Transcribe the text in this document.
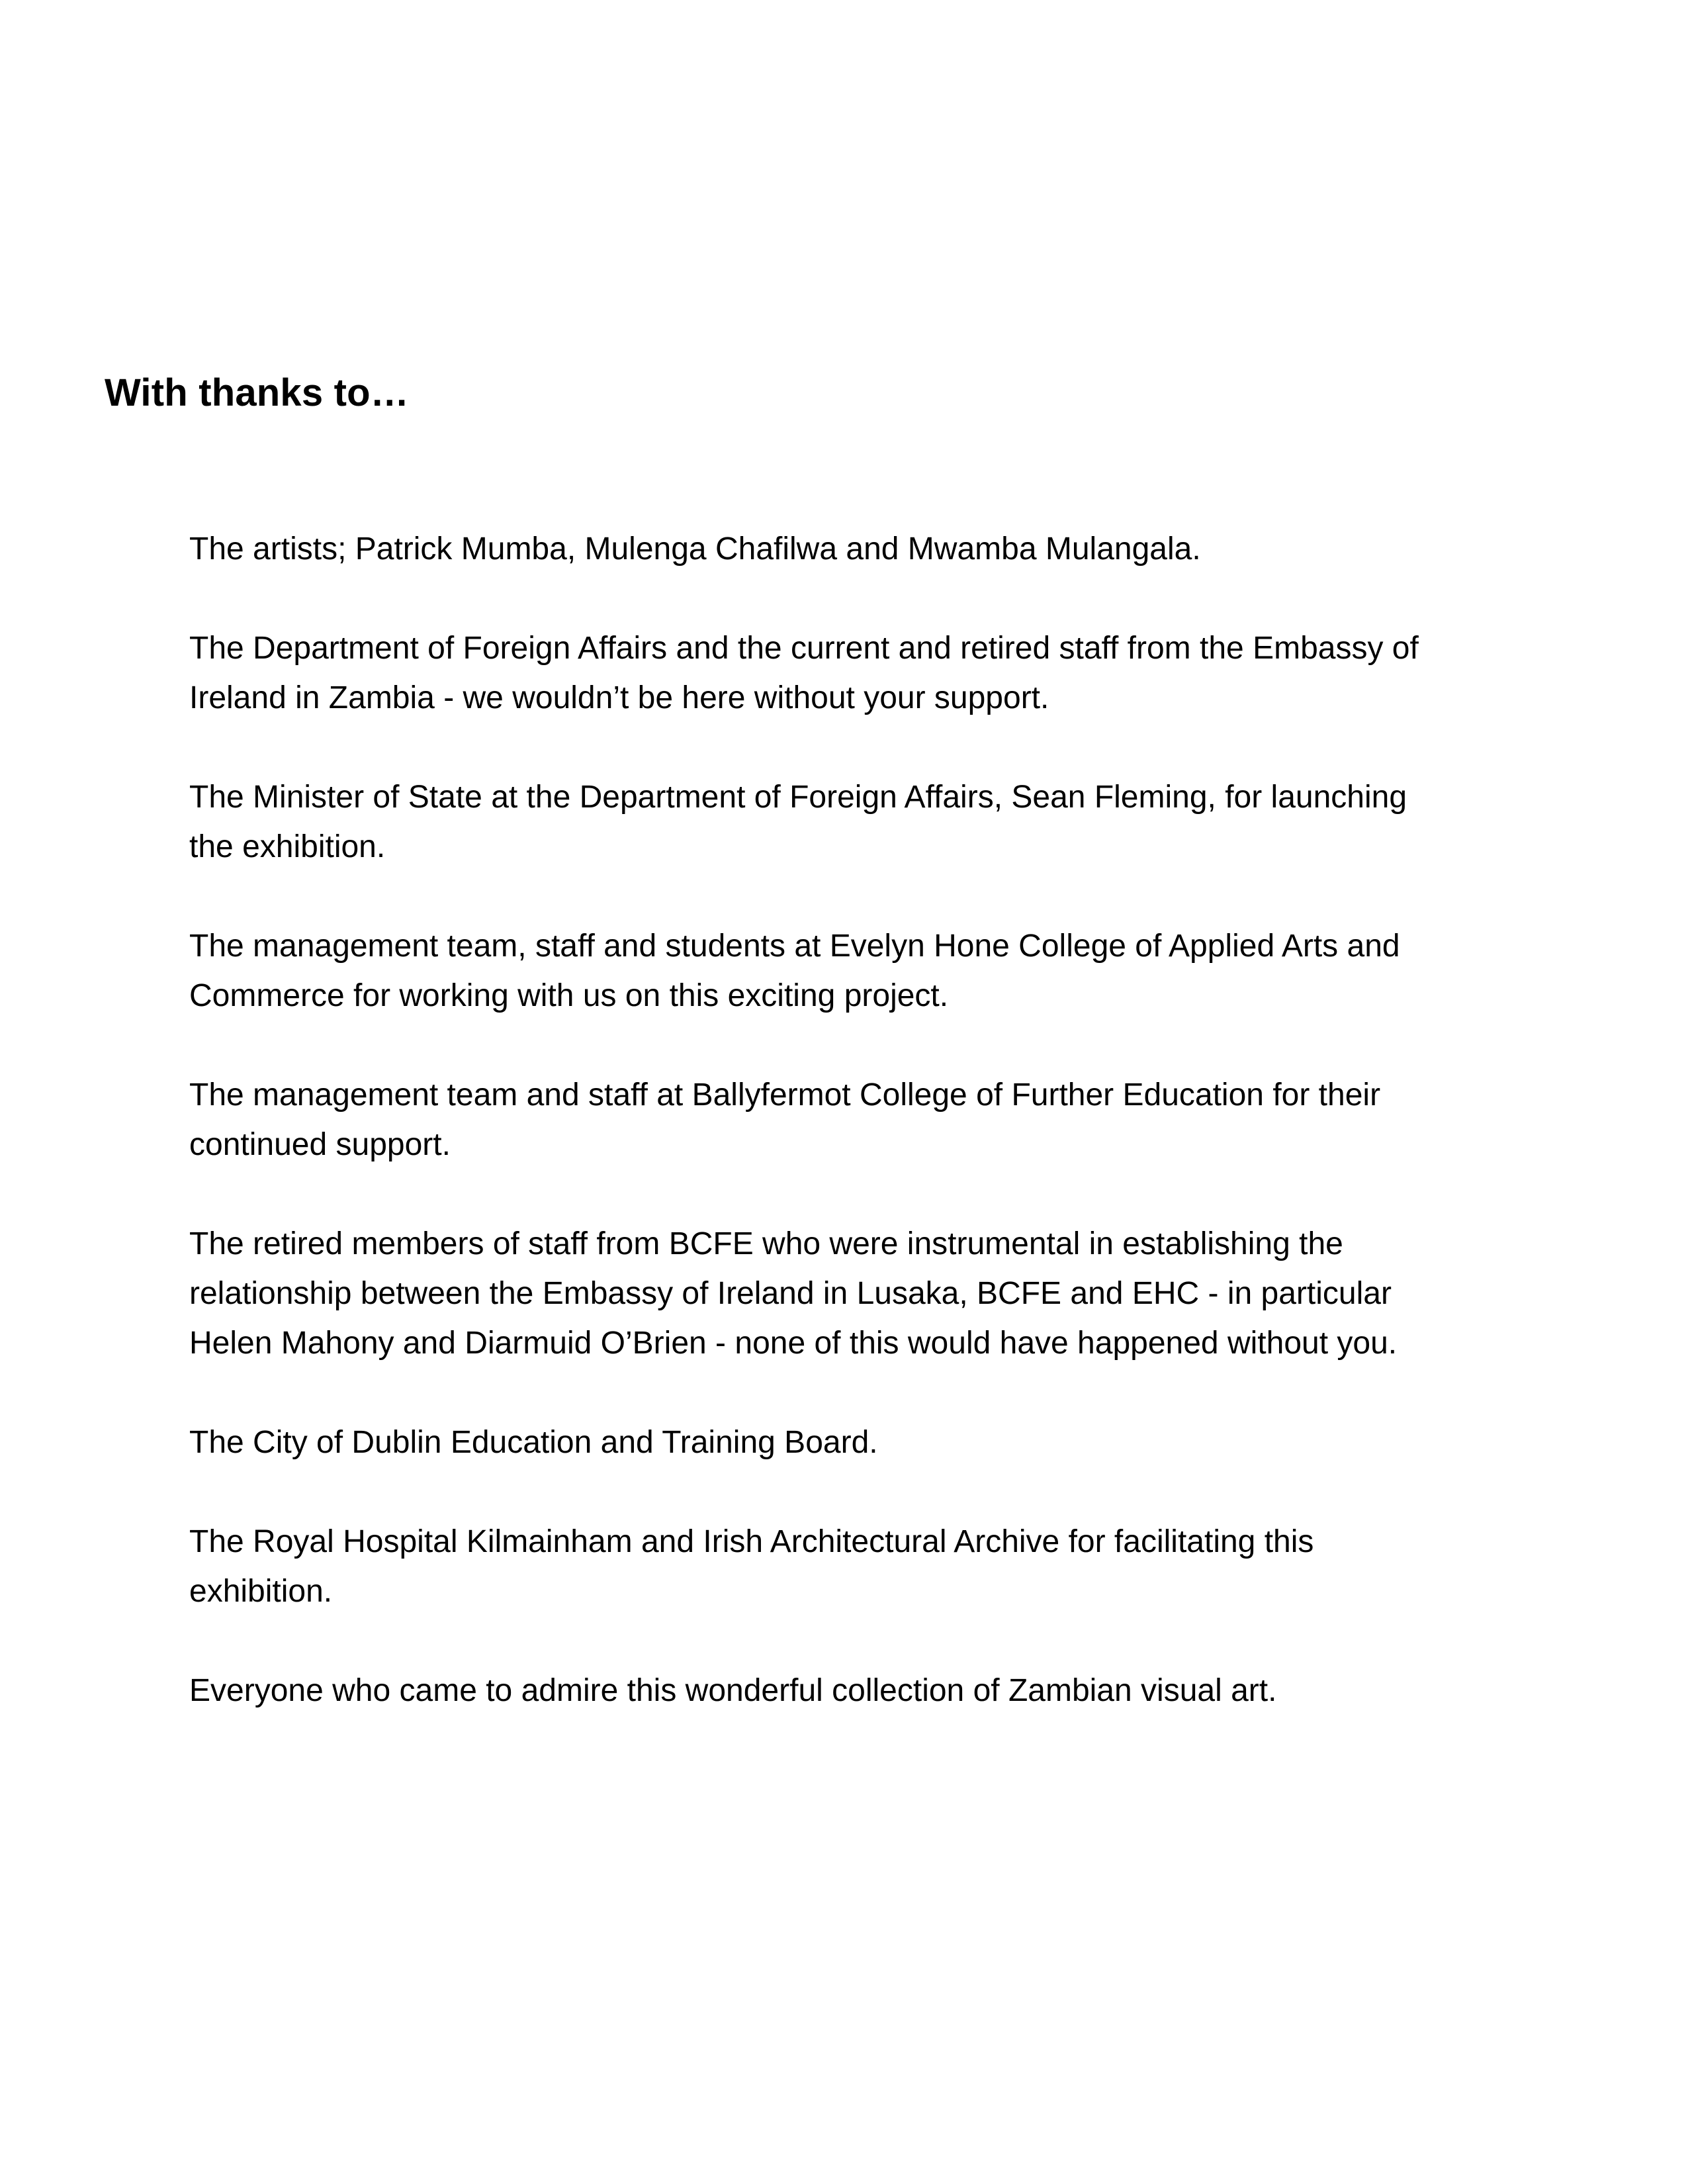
With thanks to…
The artists; Patrick Mumba, Mulenga Chafilwa and Mwamba Mulangala.
The Department of Foreign Affairs and the current and retired staff from the Embassy of
Ireland in Zambia - we wouldn’t be here without your support.
The Minister of State at the Department of Foreign Affairs, Sean Fleming, for launching
the exhibition.
The management team, staff and students at Evelyn Hone College of Applied Arts and
Commerce for working with us on this exciting project.
The management team and staff at Ballyfermot College of Further Education for their
continued support.
The retired members of staff from BCFE who were instrumental in establishing the
relationship between the Embassy of Ireland in Lusaka, BCFE and EHC - in particular
Helen Mahony and Diarmuid O’Brien - none of this would have happened without you.
The City of Dublin Education and Training Board.
The Royal Hospital Kilmainham and Irish Architectural Archive for facilitating this
exhibition.
Everyone who came to admire this wonderful collection of Zambian visual art.
